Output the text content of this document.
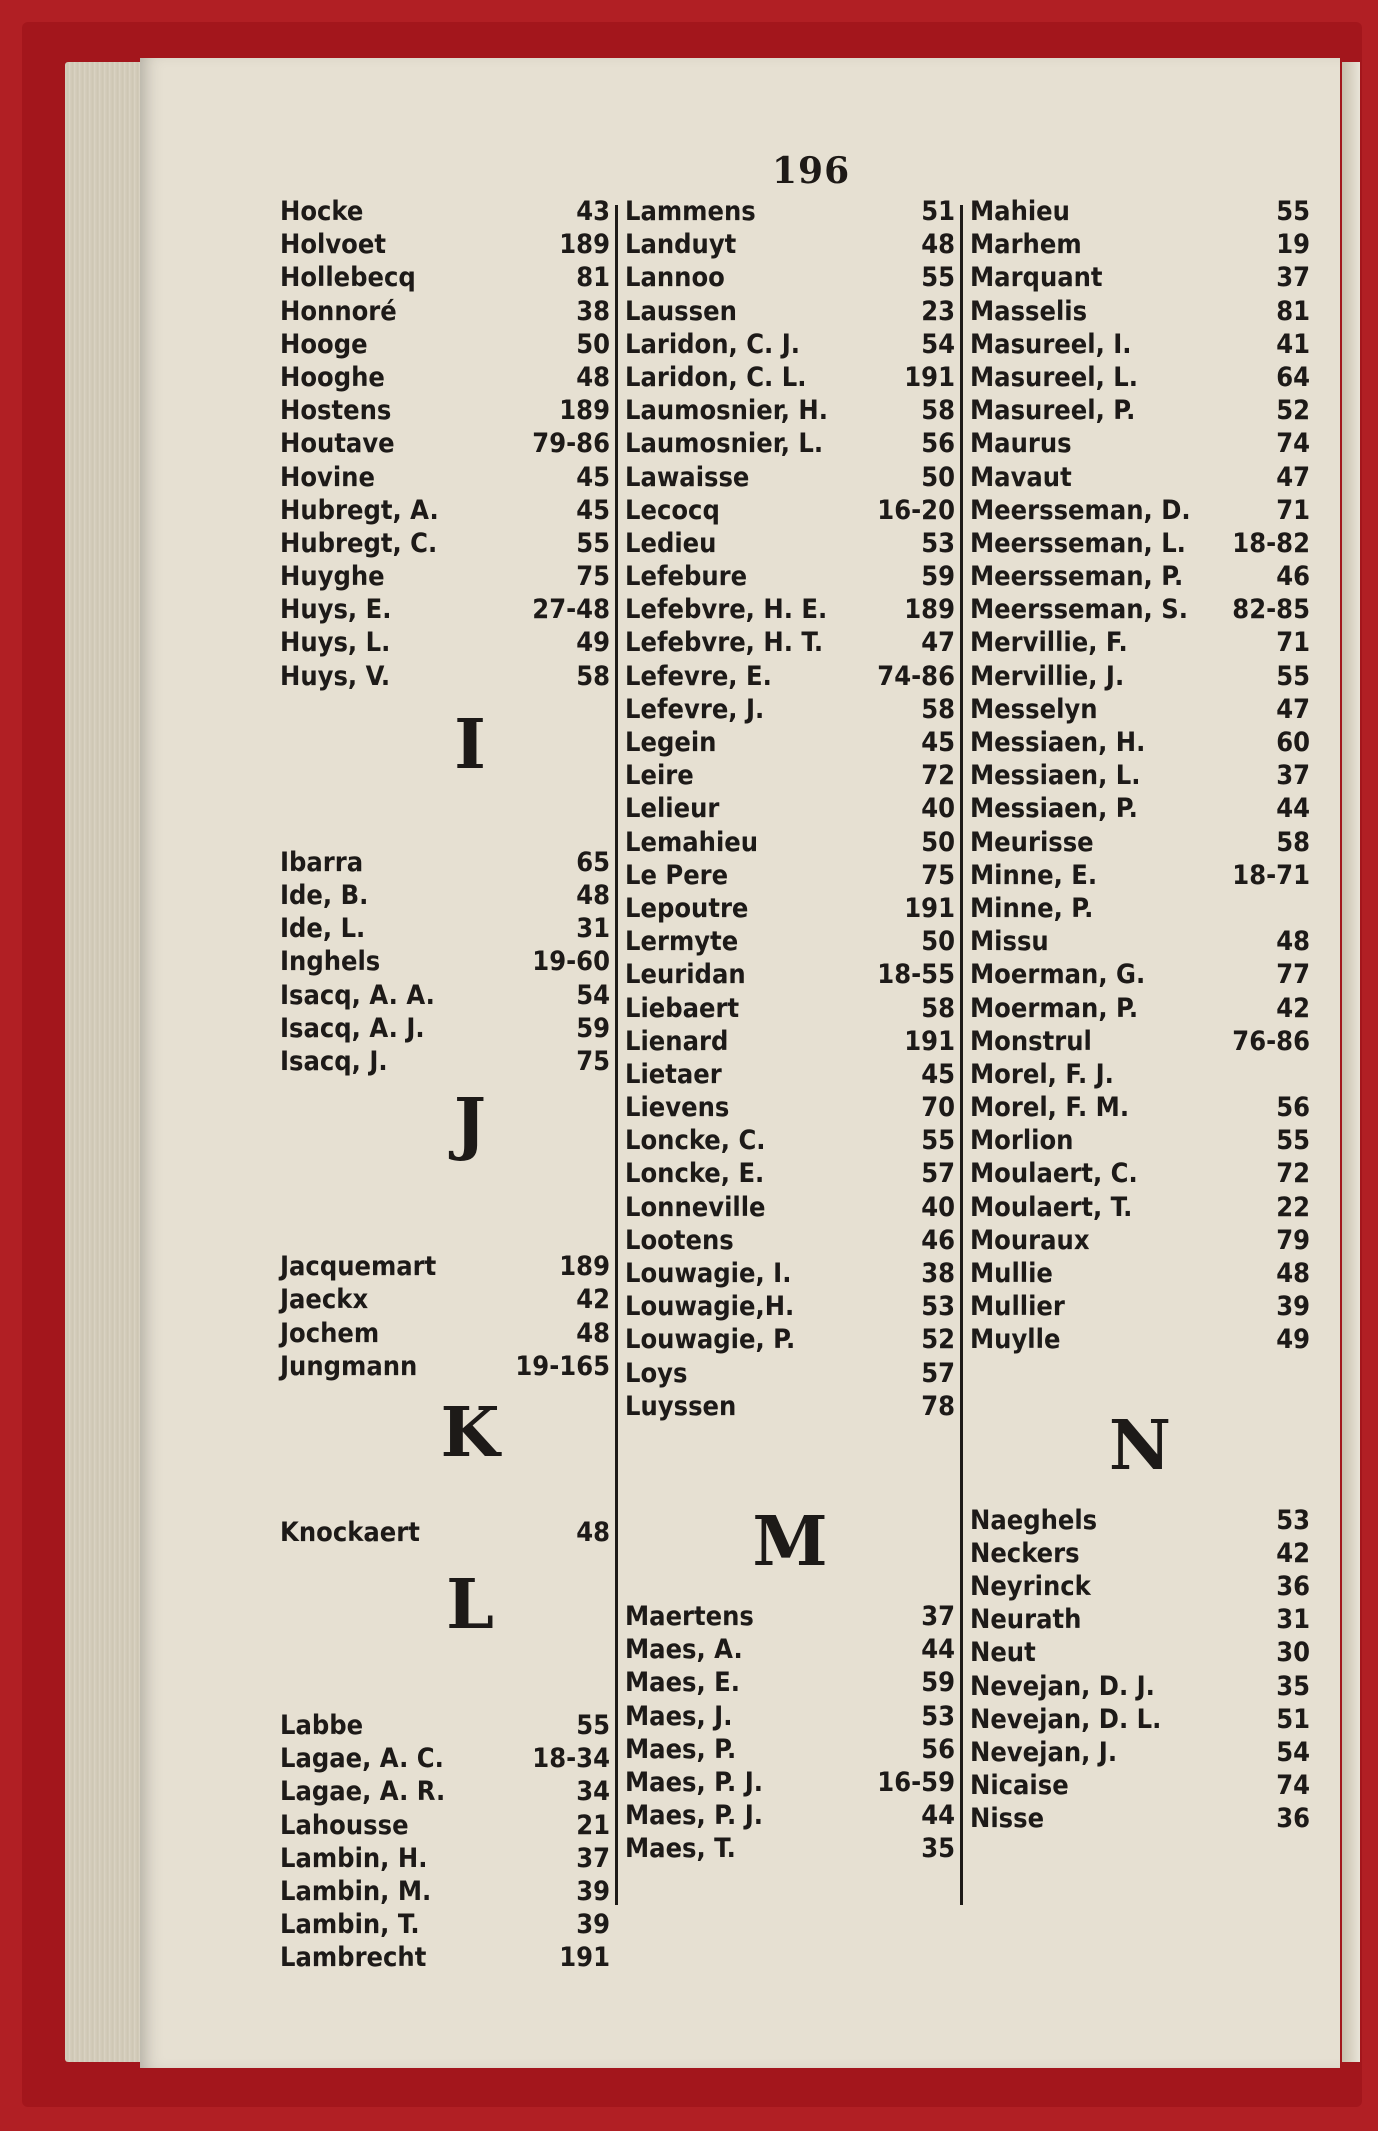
196
Hocke	43
Holvoet	189
Hollebecq	81
Honnoré	38
Hooge	50
Hooghe	48
Hostens	189
Houtave	79-86
Hovine	45
Hubregt, A.	45
Hubregt, C.	55
Huyghe	75
Huys, E.	27-48
Huys, L.	49
Huys, V.	58
I
Ibarra	65
Ide, B.	48
Ide, L.	31
Inghels	19-60
Isacq, A. A.	54
Isacq, A. J.	59
Isacq, J.	75
J
Jacquemart	189
Jaeckx	42
Jochem	48
Jungmann	19-165
K
Knockaert	48
L
Labbe	55
Lagae, A. C.	18-34
Lagae, A. R.	34
Lahousse	21
Lambin, H.	37
Lambin, M.	39
Lambin, T.	39
Lambrecht	191
Lammens	51
Landuyt	48
Lannoo	55
Laussen	23
Laridon, C. J.	54
Laridon, C. L.	191
Laumosnier, H.	58
Laumosnier, L.	56
Lawaisse	50
Lecocq	16-20
Ledieu	53
Lefebure	59
Lefebvre, H. E.	189
Lefebvre, H. T.	47
Lefevre, E.	74-86
Lefevre, J.	58
Legein	45
Leire	72
Lelieur	40
Lemahieu	50
Le Pere	75
Lepoutre	191
Lermyte	50
Leuridan	18-55
Liebaert	58
Lienard	191
Lietaer	45
Lievens	70
Loncke, C.	55
Loncke, E.	57
Lonneville	40
Lootens	46
Louwagie, I.	38
Louwagie,H.	53
Louwagie, P.	52
Loys	57
Luyssen	78
M
Maertens	37
Maes, A.	44
Maes, E.	59
Maes, J.	53
Maes, P.	56
Maes, P. J.	16-59
Maes, P. J.	44
Maes, T.	35
Mahieu	55
Marhem	19
Marquant	37
Masselis	81
Masureel, I.	41
Masureel, L.	64
Masureel, P.	52
Maurus	74
Mavaut	47
Meersseman, D.	71
Meersseman, L. 18-82
Meersseman, P.	46
Meersseman, S. 82-85
Mervillie, F.	71
Mervillie, J.	55
Messelyn	47
Messiaen, H.	60
Messiaen, L.	37
Messiaen, P.	44
Meurisse	58
Minne, E.	18-71
Minne, P.
Missu	48
Moerman, G.	77
Moerman, P.	42
Monstrul	76-86
Morel, F. J.
Morel, F. M.	56
Morlion	55
Moulaert, C.	72
Moulaert, T.	22
Mouraux	79
Mullie	48
Mullier	39
Muylle	49
N
Naeghels	53
Neckers	42
Neyrinck	36
Neurath	31
Neut	30
Nevejan, D. J.	35
Nevejan, D. L.	51
Nevejan, J.	54
Nicaise	74
Nisse	36
